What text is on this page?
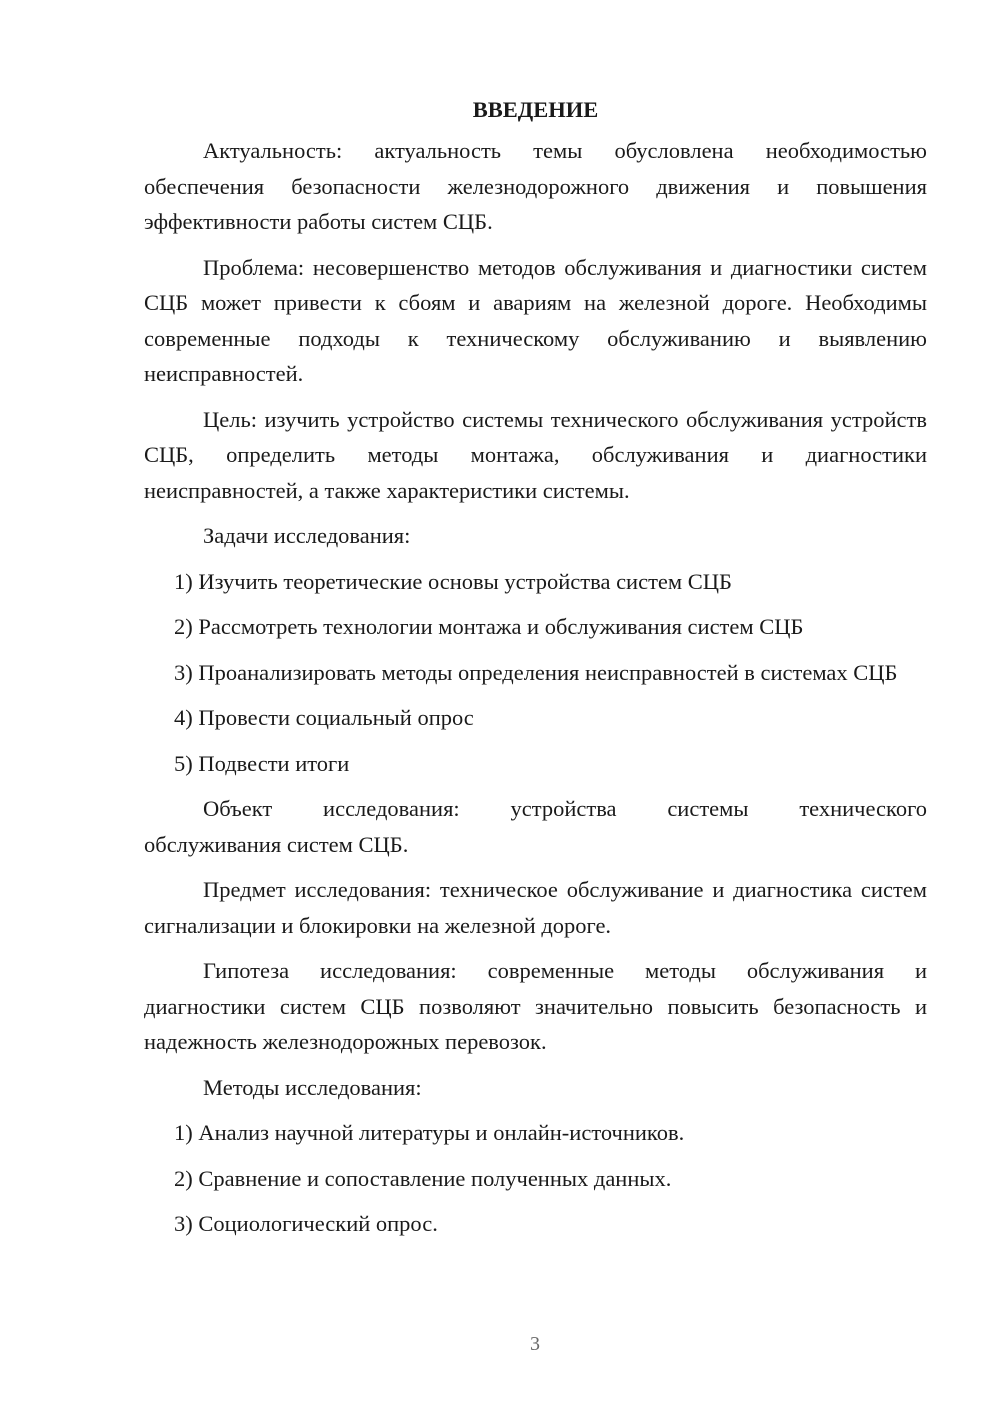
ВВЕДЕНИЕ

Актуальность: актуальность темы обусловлена необходимостью обеспечения безопасности железнодорожного движения и повышения эффективности работы систем СЦБ.

Проблема: несовершенство методов обслуживания и диагностики систем СЦБ может привести к сбоям и авариям на железной дороге. Необходимы современные подходы к техническому обслуживанию и выявлению неисправностей.

Цель: изучить устройство системы технического обслуживания устройств СЦБ, определить методы монтажа, обслуживания и диагностики неисправностей, а также характеристики системы.

Задачи исследования:

1) Изучить теоретические основы устройства систем СЦБ

2) Рассмотреть технологии монтажа и обслуживания систем СЦБ

3) Проанализировать методы определения неисправностей в системах СЦБ

4) Провести социальный опрос

5) Подвести итоги

Объект исследования: устройства системы технического
обслуживания систем СЦБ.

Предмет исследования: техническое обслуживание и диагностика систем сигнализации и блокировки на железной дороге.

Гипотеза исследования: современные методы обслуживания и диагностики систем СЦБ позволяют значительно повысить безопасность и надежность железнодорожных перевозок.

Методы исследования:

1) Анализ научной литературы и онлайн-источников.

2) Сравнение и сопоставление полученных данных.

3) Социологический опрос.

3
